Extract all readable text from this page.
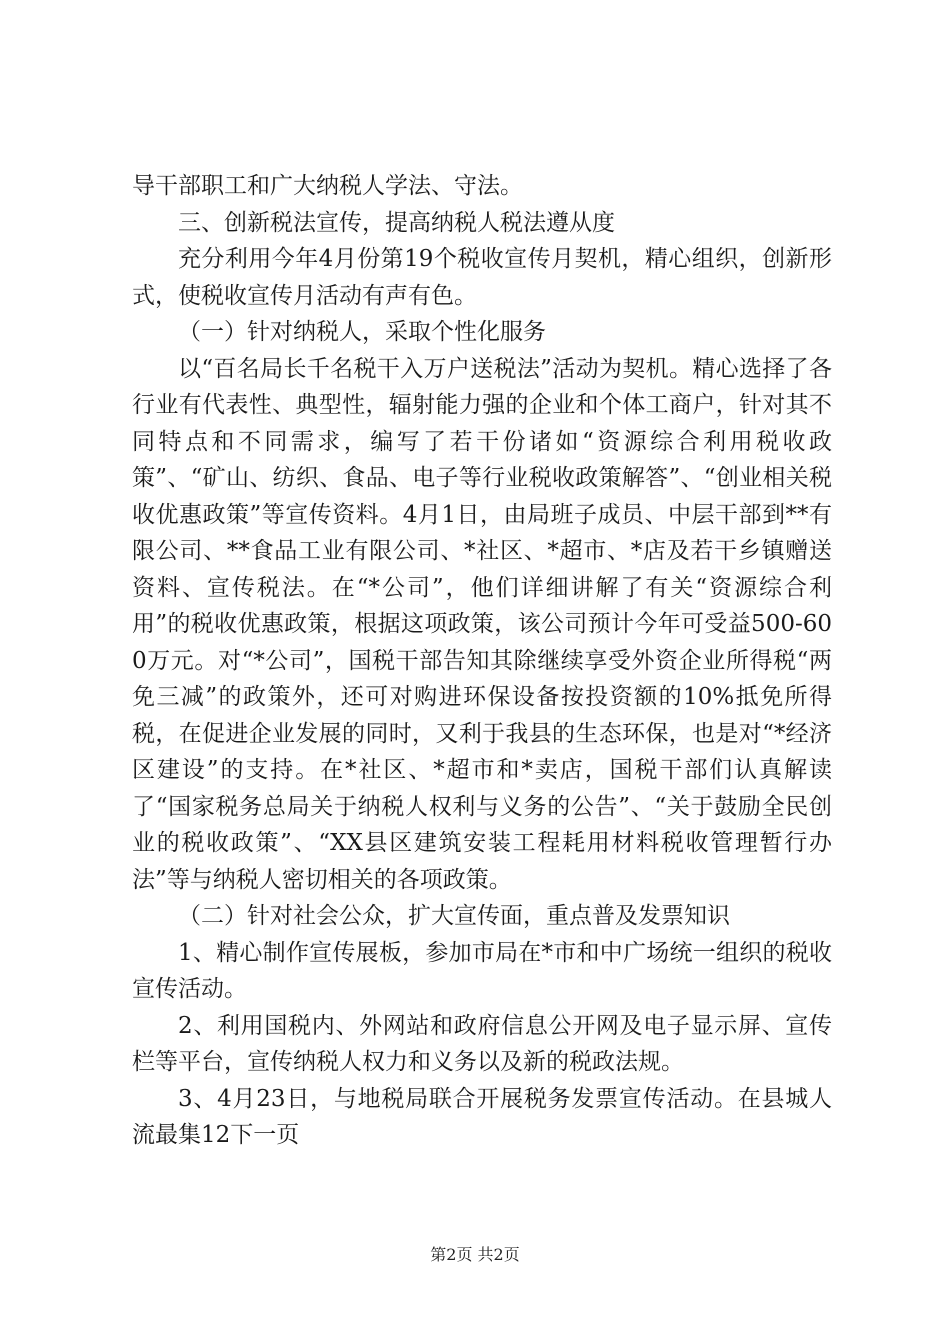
导干部职工和广大纳税人学法、守法。

三、创新税法宣传，提高纳税人税法遵从度

充分利用今年4月份第19个税收宣传月契机，精心组织，创新形式，使税收宣传月活动有声有色。

（一）针对纳税人，采取个性化服务

以“百名局长千名税干入万户送税法”活动为契机。精心选择了各行业有代表性、典型性，辐射能力强的企业和个体工商户，针对其不同特点和不同需求，编写了若干份诸如“资源综合利用税收政策”、“矿山、纺织、食品、电子等行业税收政策解答”、“创业相关税收优惠政策”等宣传资料。4月1日，由局班子成员、中层干部到**有限公司、**食品工业有限公司、*社区、*超市、*店及若干乡镇赠送资料、宣传税法。在“*公司”，他们详细讲解了有关“资源综合利用”的税收优惠政策，根据这项政策，该公司预计今年可受益500-600万元。对“*公司”，国税干部告知其除继续享受外资企业所得税“两免三减”的政策外，还可对购进环保设备按投资额的10%抵免所得税，在促进企业发展的同时，又利于我县的生态环保，也是对“*经济区建设”的支持。在*社区、*超市和*卖店，国税干部们认真解读了“国家税务总局关于纳税人权利与义务的公告”、“关于鼓励全民创业的税收政策”、“XX县区建筑安装工程耗用材料税收管理暂行办法”等与纳税人密切相关的各项政策。

（二）针对社会公众，扩大宣传面，重点普及发票知识

1、精心制作宣传展板，参加市局在*市和中广场统一组织的税收宣传活动。

2、利用国税内、外网站和政府信息公开网及电子显示屏、宣传栏等平台，宣传纳税人权力和义务以及新的税政法规。

3、4月23日，与地税局联合开展税务发票宣传活动。在县城人流最集12下一页

第2页 共2页
